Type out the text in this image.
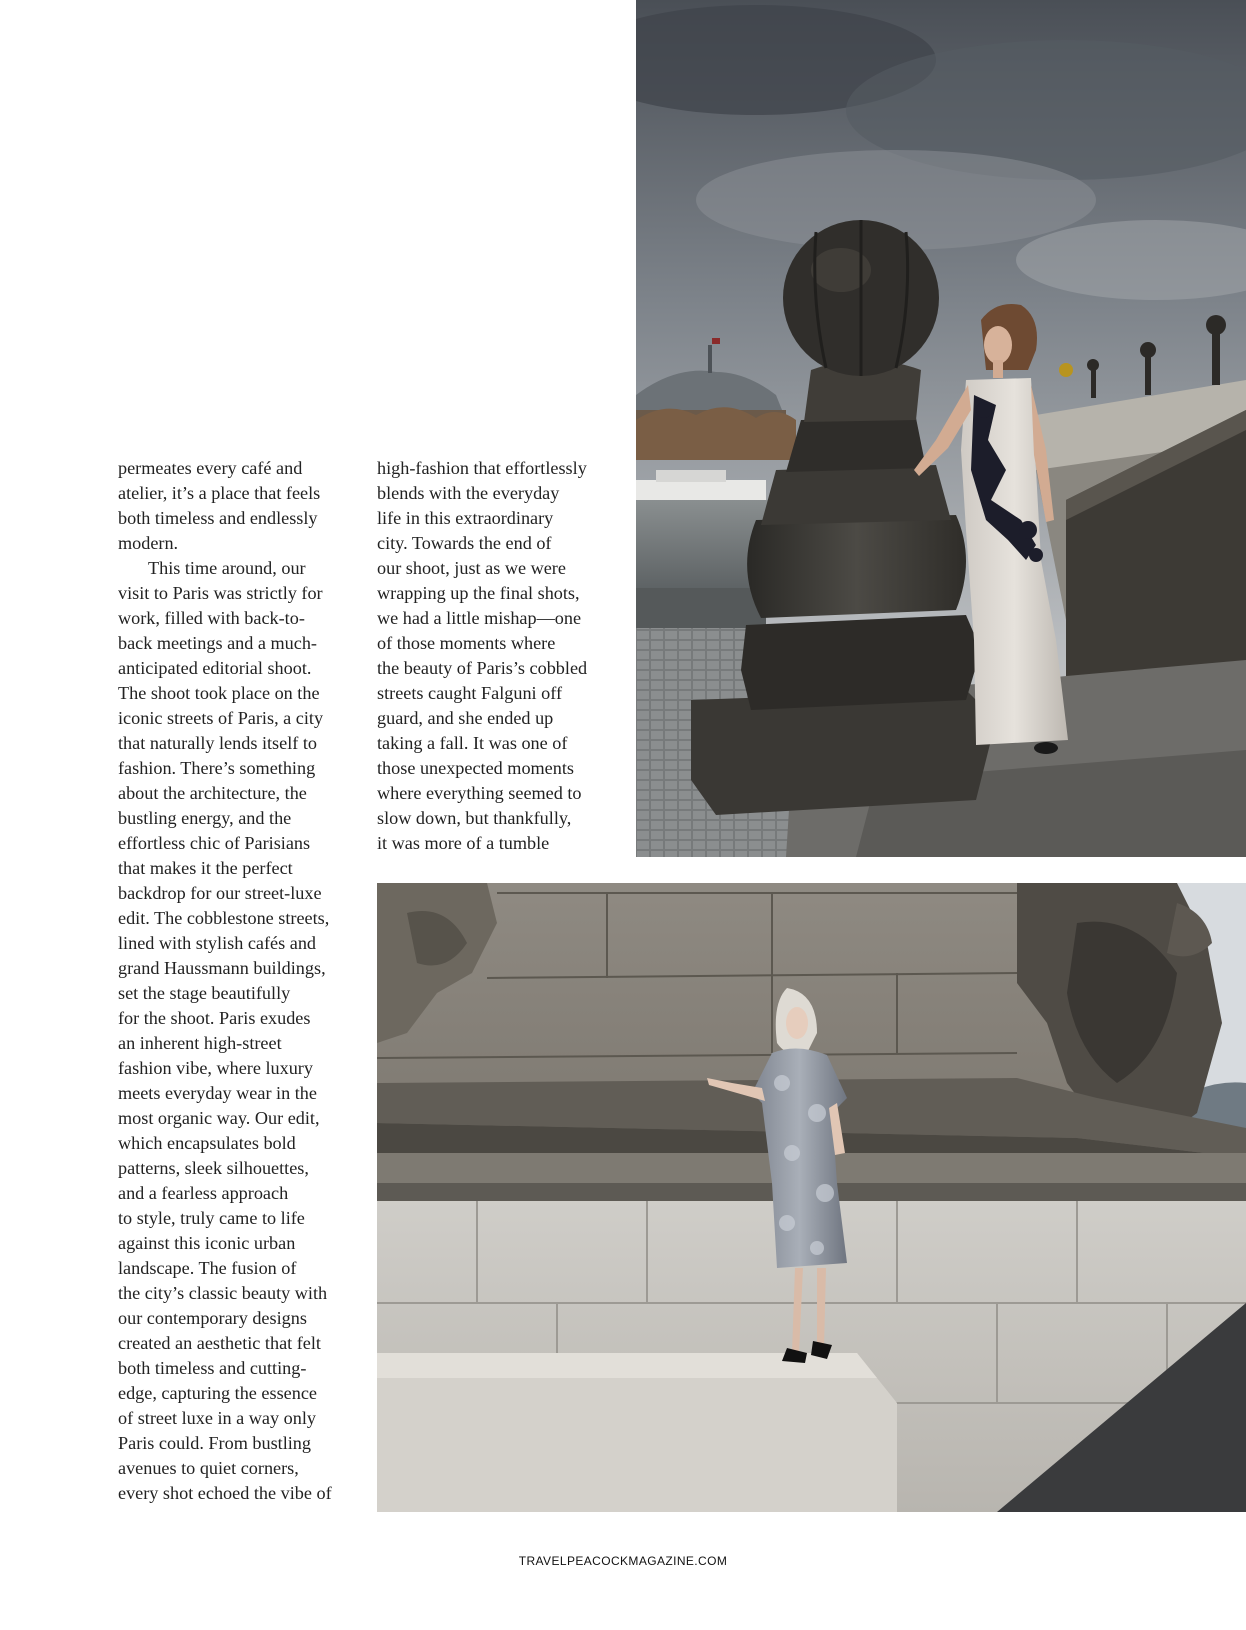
permeates every café and
atelier, it’s a place that feels
both timeless and endlessly
modern.
This time around, our
visit to Paris was strictly for
work, filled with back-to-
back meetings and a much-
anticipated editorial shoot.
The shoot took place on the
iconic streets of Paris, a city
that naturally lends itself to
fashion. There’s something
about the architecture, the
bustling energy, and the
effortless chic of Parisians
that makes it the perfect
backdrop for our street-luxe
edit. The cobblestone streets,
lined with stylish cafés and
grand Haussmann buildings,
set the stage beautifully
for the shoot. Paris exudes
an inherent high-street
fashion vibe, where luxury
meets everyday wear in the
most organic way. Our edit,
which encapsulates bold
patterns, sleek silhouettes,
and a fearless approach
to style, truly came to life
against this iconic urban
landscape. The fusion of
the city’s classic beauty with
our contemporary designs
created an aesthetic that felt
both timeless and cutting-
edge, capturing the essence
of street luxe in a way only
Paris could. From bustling
avenues to quiet corners,
every shot echoed the vibe of
high-fashion that effortlessly
blends with the everyday
life in this extraordinary
city. Towards the end of
our shoot, just as we were
wrapping up the final shots,
we had a little mishap—one
of those moments where
the beauty of Paris’s cobbled
streets caught Falguni off
guard, and she ended up
taking a fall. It was one of
those unexpected moments
where everything seemed to
slow down, but thankfully,
it was more of a tumble
TRAVELPEACOCKMAGAZINE.COM
